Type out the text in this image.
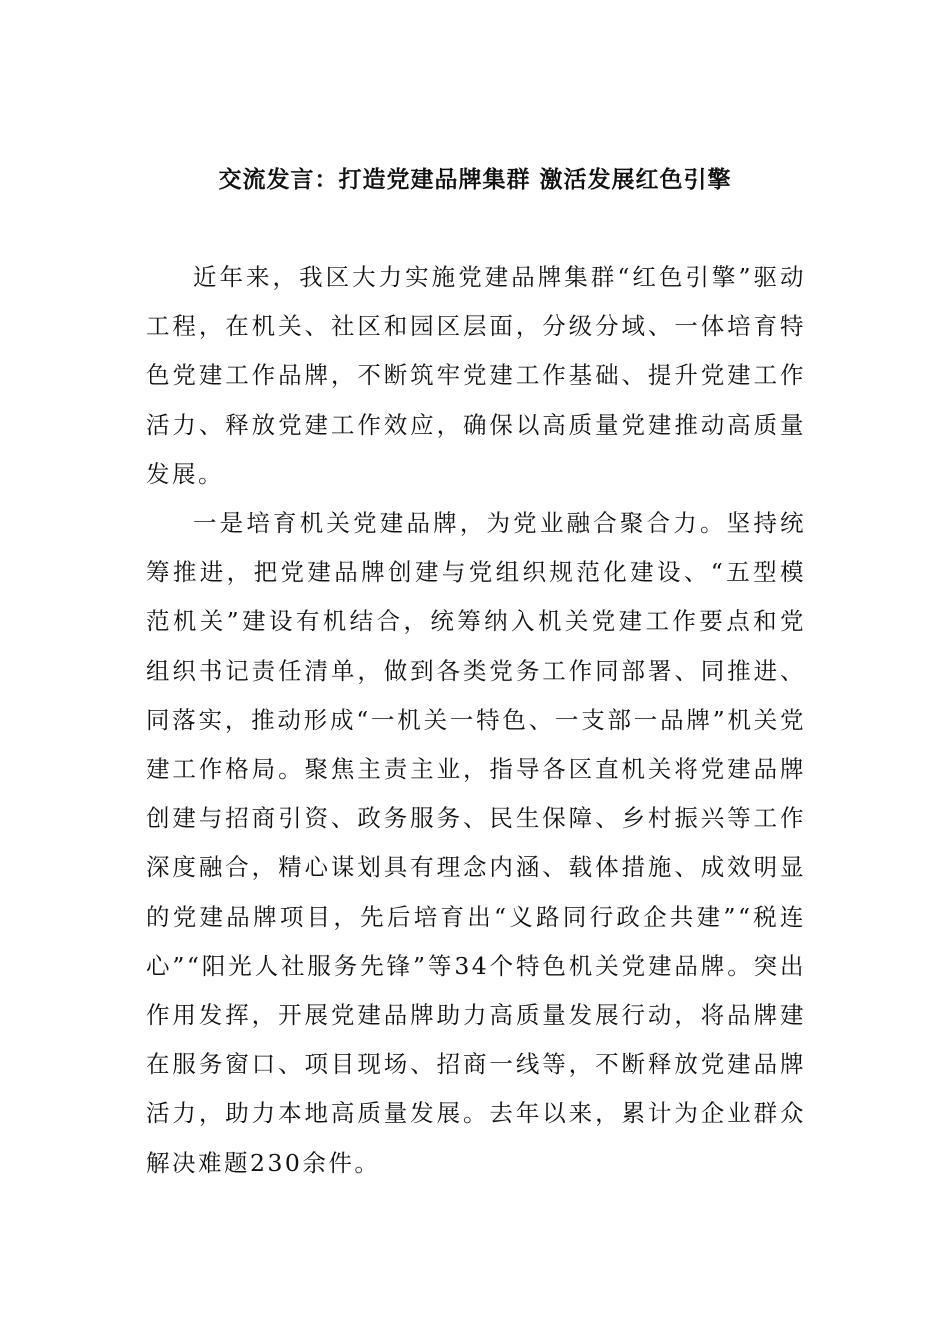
交流发言：打造党建品牌集群 激活发展红色引擎

近年来，我区大力实施党建品牌集群“红色引擎”驱动工程，在机关、社区和园区层面，分级分域、一体培育特色党建工作品牌，不断筑牢党建工作基础、提升党建工作活力、释放党建工作效应，确保以高质量党建推动高质量发展。

一是培育机关党建品牌，为党业融合聚合力。坚持统筹推进，把党建品牌创建与党组织规范化建设、“五型模范机关”建设有机结合，统筹纳入机关党建工作要点和党组织书记责任清单，做到各类党务工作同部署、同推进、同落实，推动形成“一机关一特色、一支部一品牌”机关党建工作格局。聚焦主责主业，指导各区直机关将党建品牌创建与招商引资、政务服务、民生保障、乡村振兴等工作深度融合，精心谋划具有理念内涵、载体措施、成效明显的党建品牌项目，先后培育出“义路同行政企共建”“税连心”“阳光人社服务先锋”等34个特色机关党建品牌。突出作用发挥，开展党建品牌助力高质量发展行动，将品牌建在服务窗口、项目现场、招商一线等，不断释放党建品牌活力，助力本地高质量发展。去年以来，累计为企业群众解决难题230余件。
